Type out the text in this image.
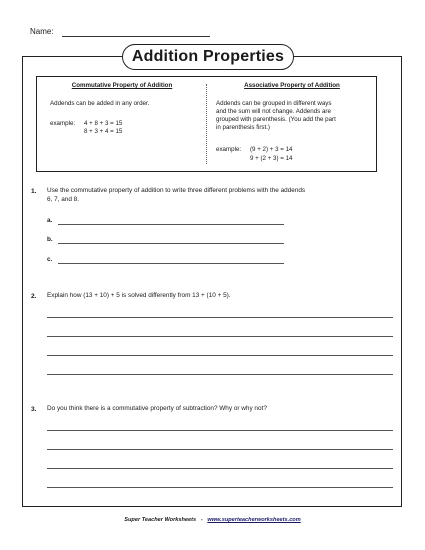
Name:
Addition Properties
Commutative Property of Addition
Addends can be added in any order.
example: 4 + 8 + 3 = 15
8 + 3 + 4 = 15
Associative Property of Addition
Addends can be grouped in different ways
and the sum will not change. Addends are
grouped with parenthesis. (You add the part
in parenthesis first.)
example: (9 + 2) + 3 = 14
9 + (2 + 3) = 14
1. Use the commutative property of addition to write three different problems with the addends
6, 7, and 8.
a.
b.
c.
2. Explain how (13 + 10) + 5 is solved differently from 13 + (10 + 5).
3. Do you think there is a commutative property of subtraction? Why or why not?
Super Teacher Worksheets - www.superteacherworksheets.com
